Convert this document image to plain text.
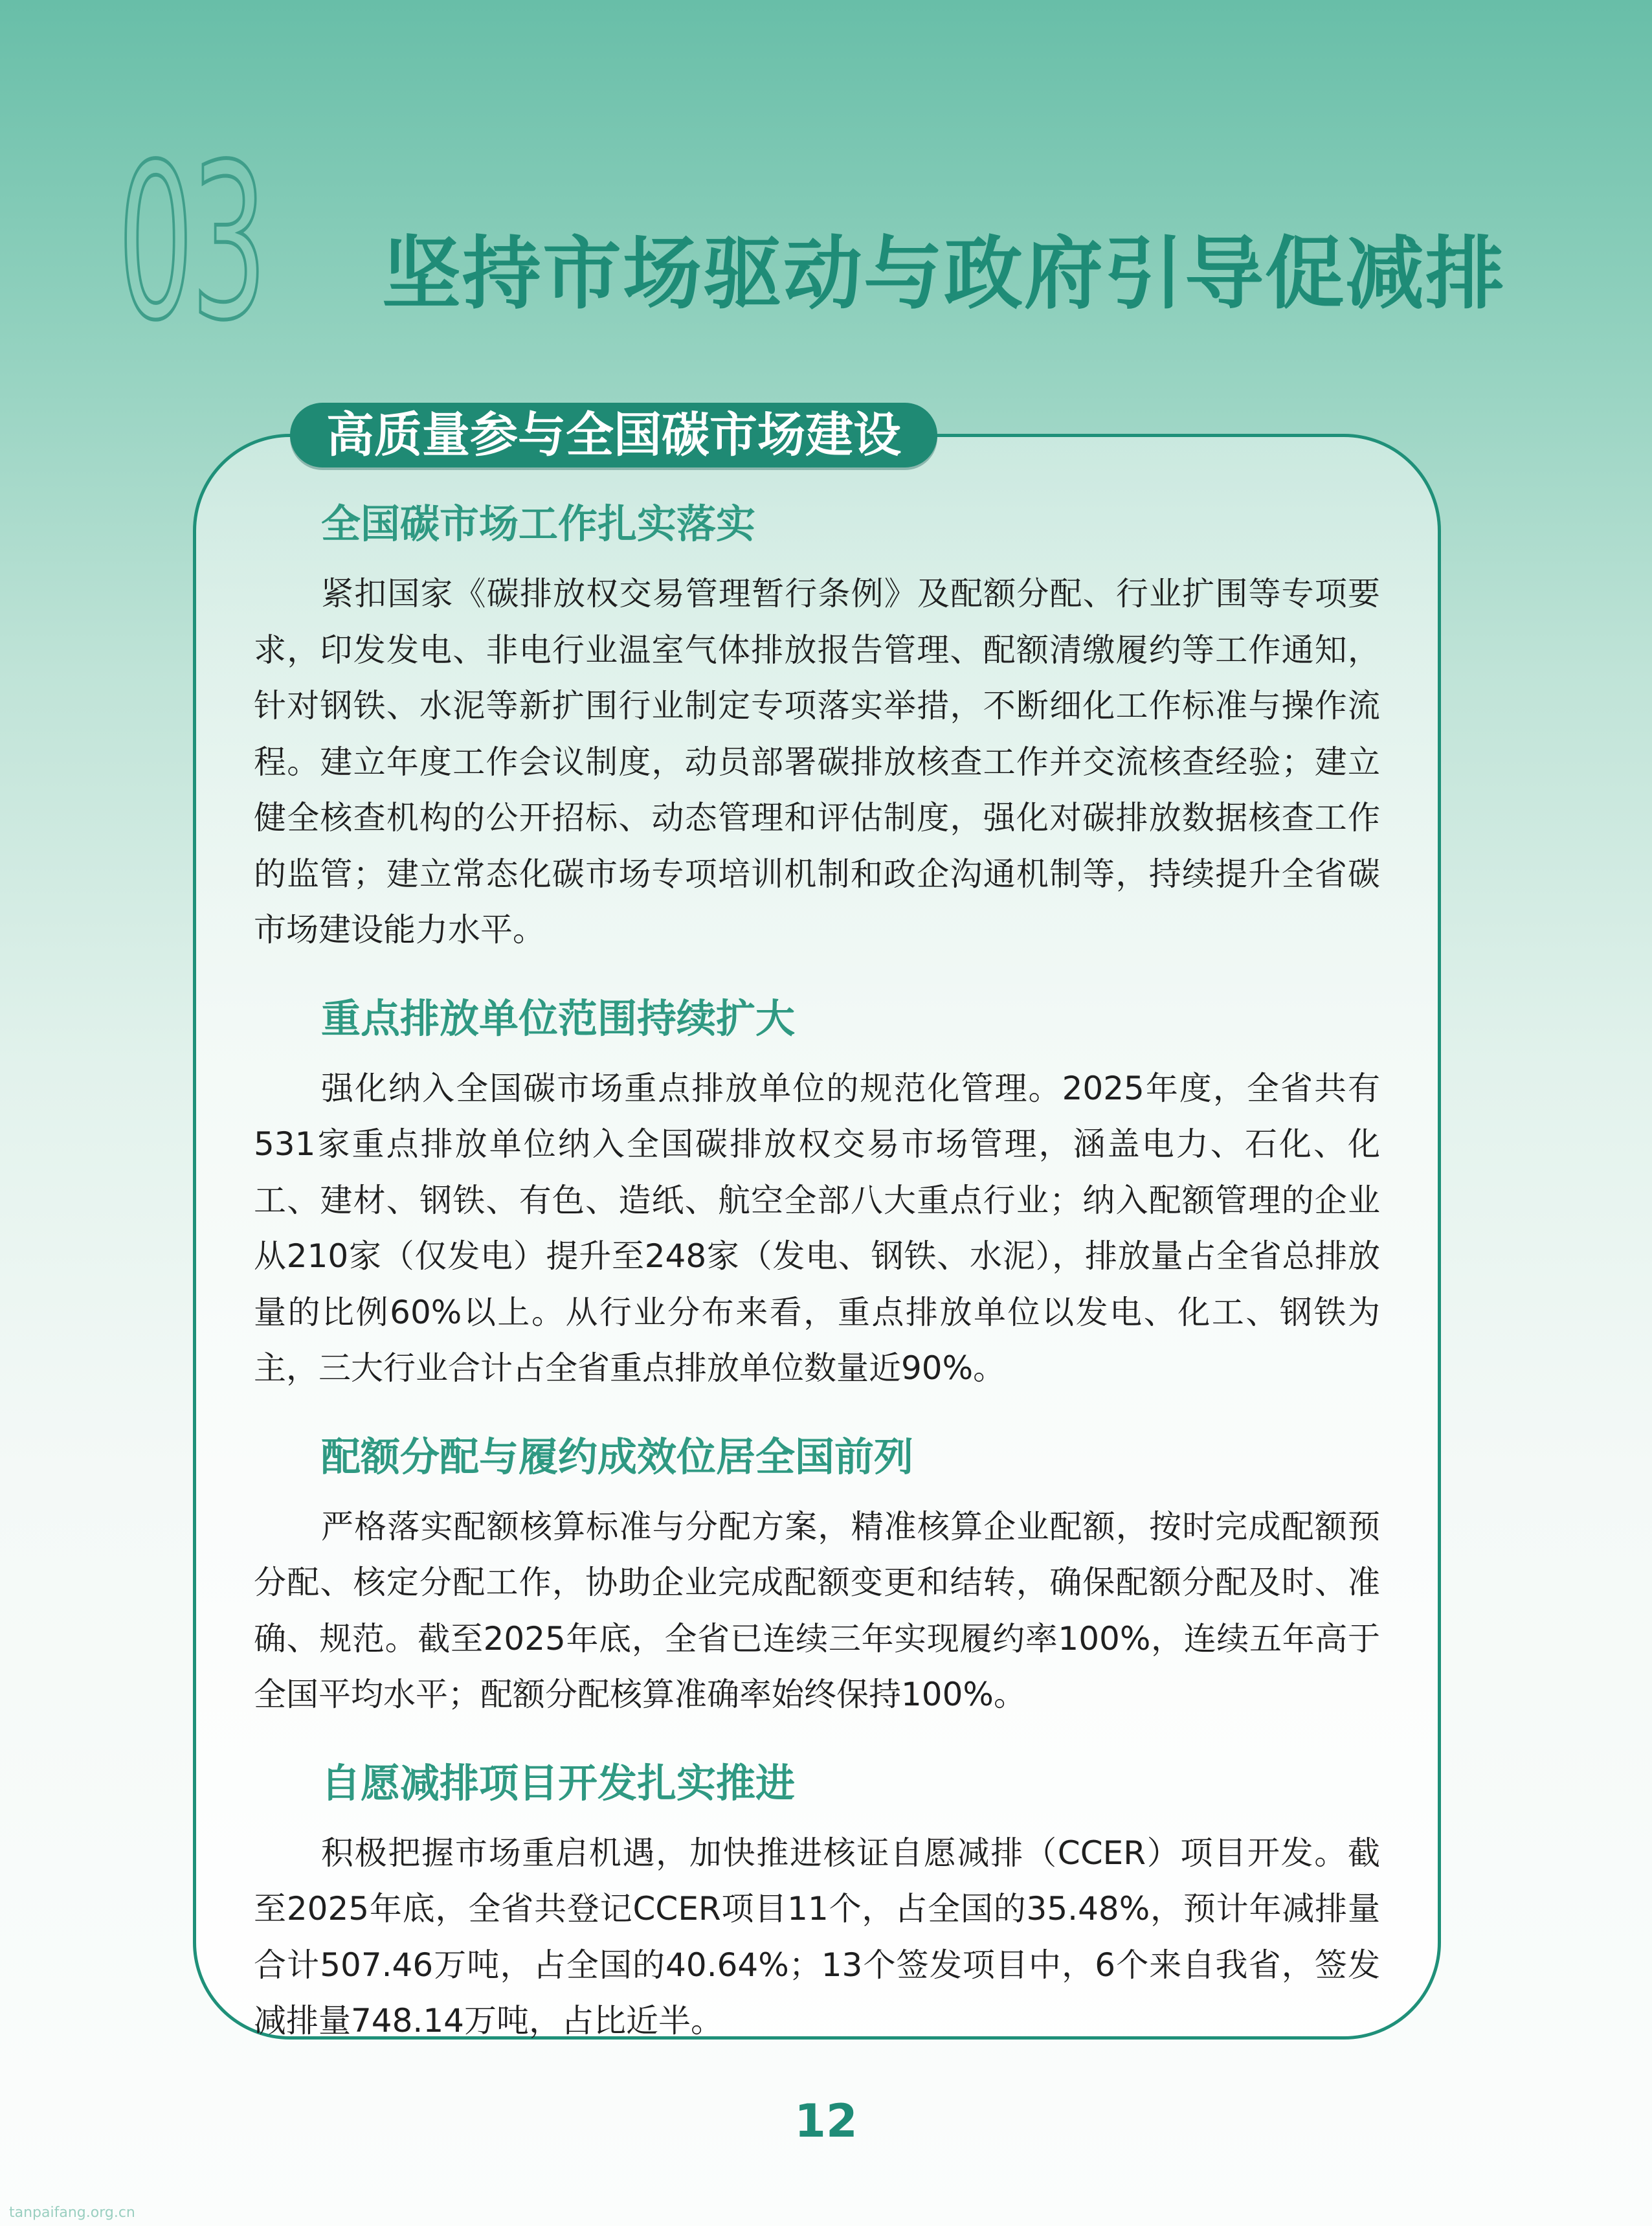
03 坚持市场驱动与政府引导促减排
高质量参与全国碳市场建设
全国碳市场工作扎实落实

紧扣国家《碳排放权交易管理暂行条例》及配额分配、行业扩围等专项要求，印发发电、非电行业温室气体排放报告管理、配额清缴履约等工作通知，针对钢铁、水泥等新扩围行业制定专项落实举措，不断细化工作标准与操作流程。建立年度工作会议制度，动员部署碳排放核查工作并交流核查经验；建立健全核查机构的公开招标、动态管理和评估制度，强化对碳排放数据核查工作的监管；建立常态化碳市场专项培训机制和政企沟通机制等，持续提升全省碳市场建设能力水平。

重点排放单位范围持续扩大

强化纳入全国碳市场重点排放单位的规范化管理。2025年度，全省共有531家重点排放单位纳入全国碳排放权交易市场管理，涵盖电力、石化、化工、建材、钢铁、有色、造纸、航空全部八大重点行业；纳入配额管理的企业从210家（仅发电）提升至248家（发电、钢铁、水泥），排放量占全省总排放量的比例60%以上。从行业分布来看，重点排放单位以发电、化工、钢铁为主，三大行业合计占全省重点排放单位数量近90%。

配额分配与履约成效位居全国前列

严格落实配额核算标准与分配方案，精准核算企业配额，按时完成配额预分配、核定分配工作，协助企业完成配额变更和结转，确保配额分配及时、准确、规范。截至2025年底，全省已连续三年实现履约率100%，连续五年高于全国平均水平；配额分配核算准确率始终保持100%。

自愿减排项目开发扎实推进

积极把握市场重启机遇，加快推进核证自愿减排（CCER）项目开发。截至2025年底，全省共登记CCER项目11个，占全国的35.48%，预计年减排量合计507.46万吨，占全国的40.64%；13个签发项目中，6个来自我省，签发减排量748.14万吨，占比近半。

12
tanpaifang.org.cn
